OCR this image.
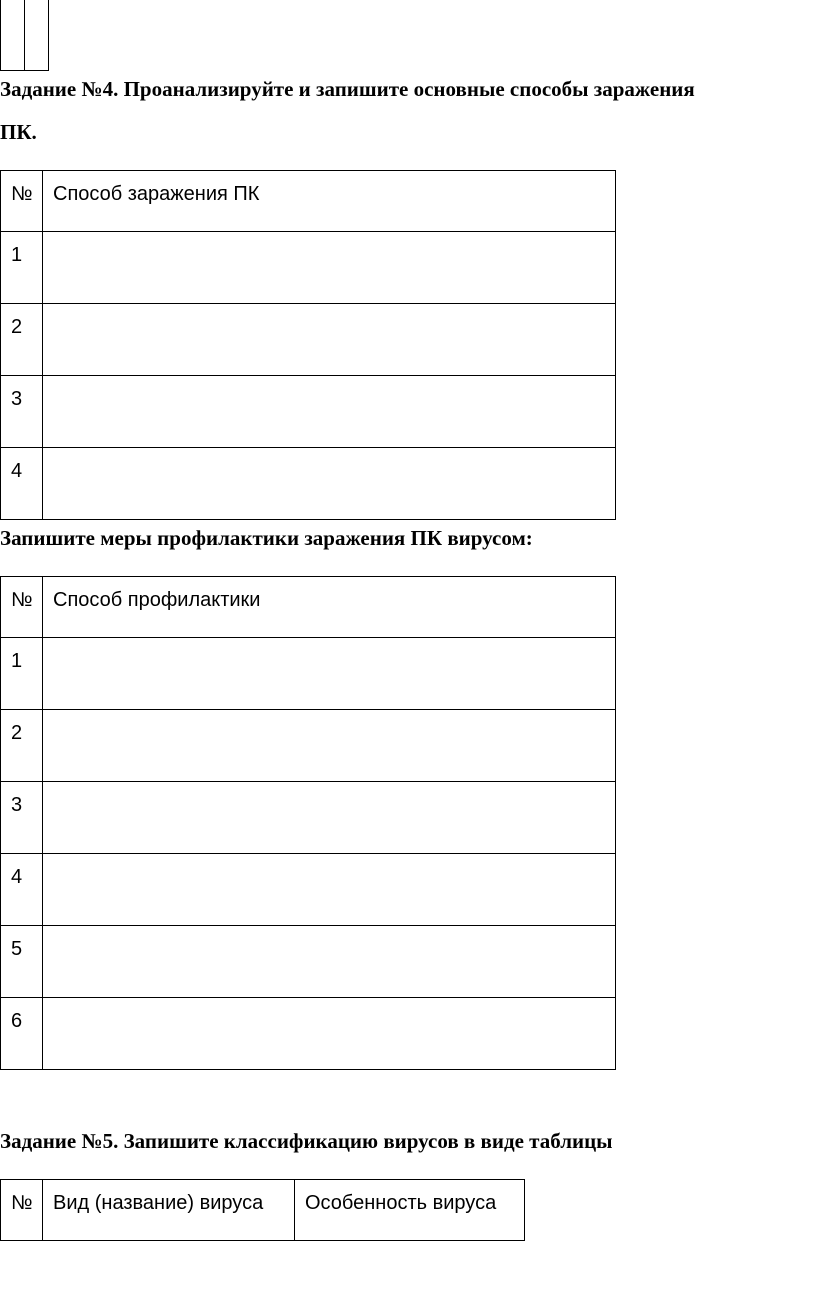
Задание №4. Проанализируйте и запишите основные способы заражения
ПК.
№	Способ заражения ПК
1	
2	
3	
4	
Запишите меры профилактики заражения ПК вирусом:
№	Способ профилактики
1	
2	
3	
4	
5	
6	
Задание №5. Запишите классификацию вирусов в виде таблицы
№	Вид (название) вируса	Особенность вируса
